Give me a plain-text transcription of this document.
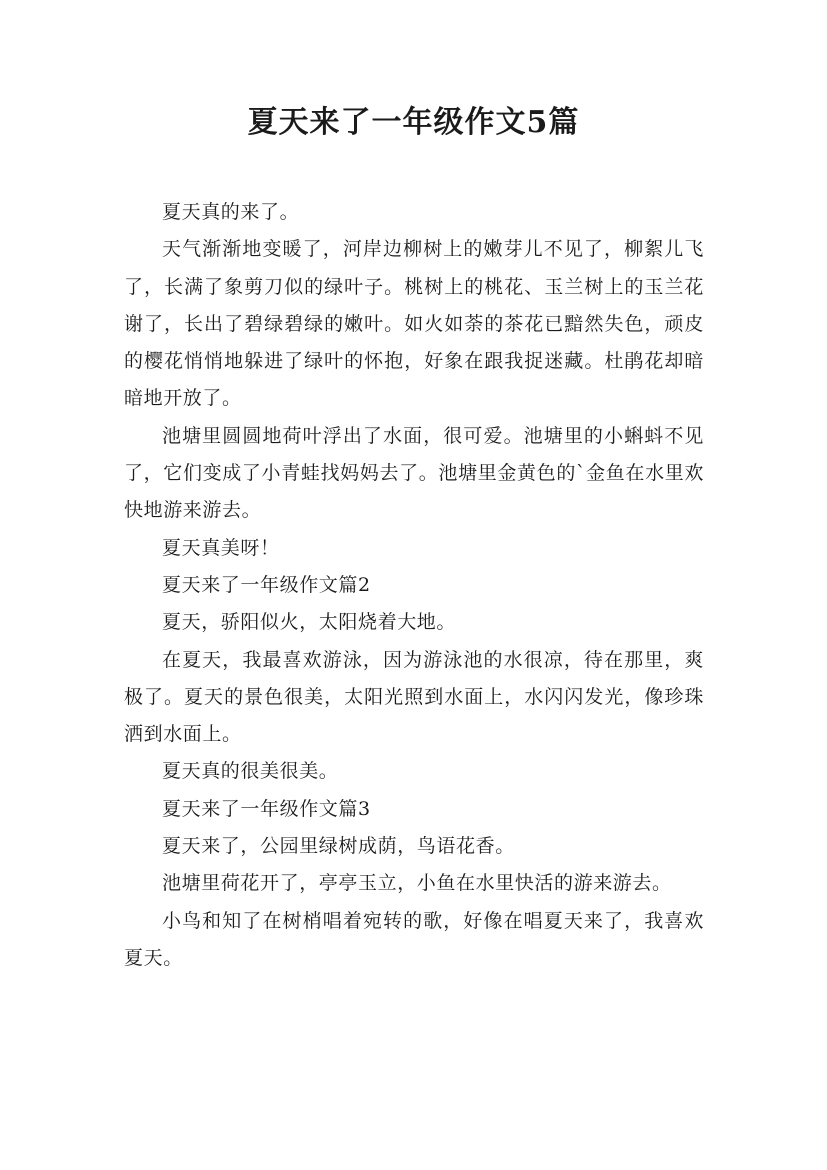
夏天来了一年级作文5篇

夏天真的来了。

天气渐渐地变暖了，河岸边柳树上的嫩芽儿不见了，柳絮儿飞了，长满了象剪刀似的绿叶子。桃树上的桃花、玉兰树上的玉兰花谢了，长出了碧绿碧绿的嫩叶。如火如荼的茶花已黯然失色，顽皮的樱花悄悄地躲进了绿叶的怀抱，好象在跟我捉迷藏。杜鹃花却暗暗地开放了。

池塘里圆圆地荷叶浮出了水面，很可爱。池塘里的小蝌蚪不见了，它们变成了小青蛙找妈妈去了。池塘里金黄色的`金鱼在水里欢快地游来游去。

夏天真美呀！

夏天来了一年级作文篇2

夏天，骄阳似火，太阳烧着大地。

在夏天，我最喜欢游泳，因为游泳池的水很凉，待在那里，爽极了。夏天的景色很美，太阳光照到水面上，水闪闪发光，像珍珠洒到水面上。

夏天真的很美很美。

夏天来了一年级作文篇3

夏天来了，公园里绿树成荫，鸟语花香。

池塘里荷花开了，亭亭玉立，小鱼在水里快活的游来游去。

小鸟和知了在树梢唱着宛转的歌，好像在唱夏天来了，我喜欢夏天。
